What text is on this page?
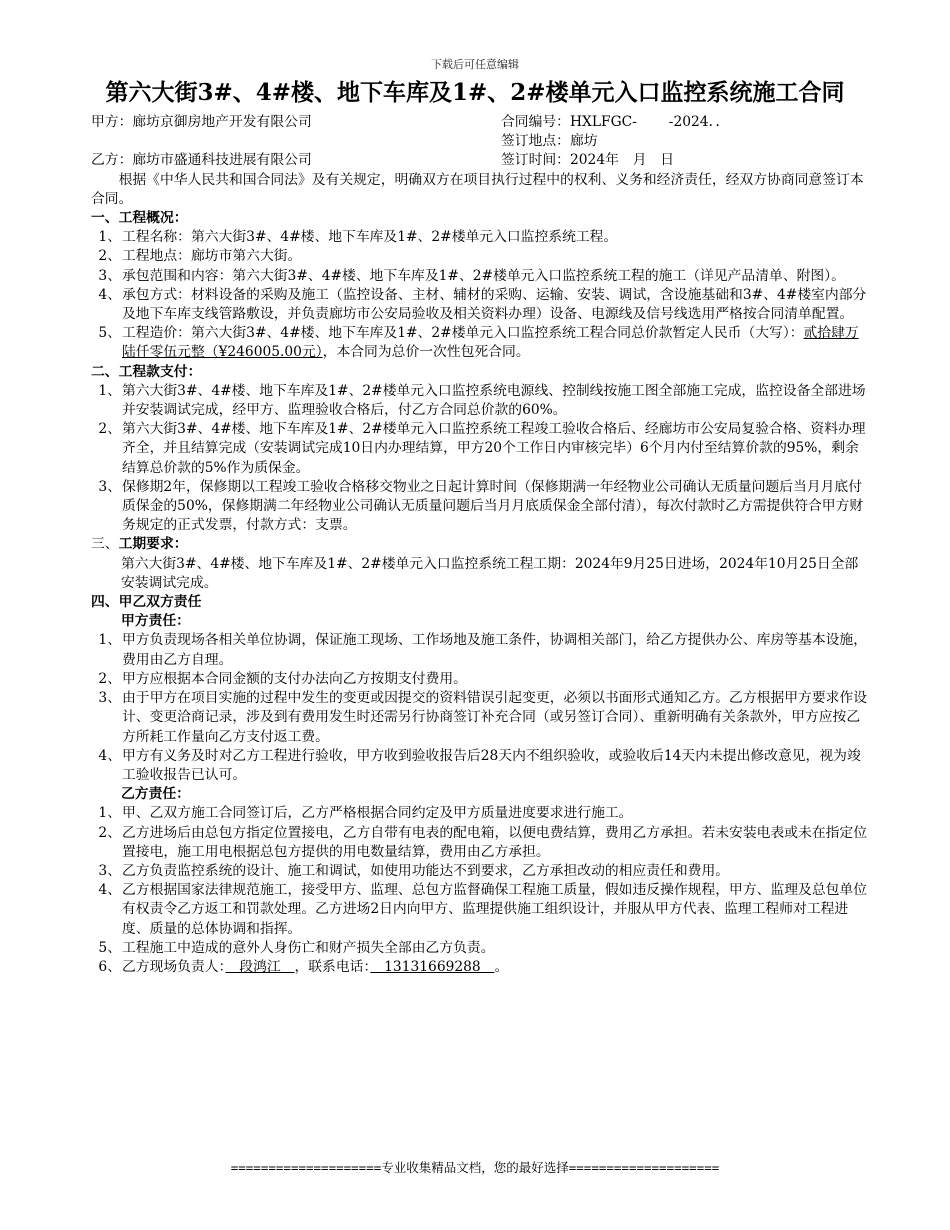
下载后可任意编辑
第六大街3#、4#楼、地下车库及1#、2#楼单元入口监控系统施工合同
甲方：廊坊京御房地产开发有限公司	合同编号：HXLFGC-　　 -2024．．
签订地点：廊坊
乙方：廊坊市盛通科技进展有限公司	签订时间：2024年　月　日
根据《中华人民共和国合同法》及有关规定，明确双方在项目执行过程中的权利、义务和经济责任，经双方协商同意签订本合同。
一、工程概况：
1、 工程名称：第六大街3#、4#楼、地下车库及1#、2#楼单元入口监控系统工程。
2、 工程地点：廊坊市第六大街。
3、 承包范围和内容：第六大街3#、4#楼、地下车库及1#、2#楼单元入口监控系统工程的施工（详见产品清单、附图）。
4、 承包方式：材料设备的采购及施工（监控设备、主材、辅材的采购、运输、安装、调试，含设施基础和3#、4#楼室内部分及地下车库支线管路敷设，并负责廊坊市公安局验收及相关资料办理）设备、电源线及信号线选用严格按合同清单配置。
5、 工程造价：第六大街3#、4#楼、地下车库及1#、2#楼单元入口监控系统工程合同总价款暂定人民币（大写）：贰拾肆万陆仟零伍元整（¥246005.00元），本合同为总价一次性包死合同。
二、工程款支付：
1、 第六大街3#、4#楼、地下车库及1#、2#楼单元入口监控系统电源线、控制线按施工图全部施工完成，监控设备全部进场并安装调试完成，经甲方、监理验收合格后，付乙方合同总价款的60%。
2、 第六大街3#、4#楼、地下车库及1#、2#楼单元入口监控系统工程竣工验收合格后、经廊坊市公安局复验合格、资料办理齐全，并且结算完成（安装调试完成10日内办理结算，甲方20个工作日内审核完毕）6个月内付至结算价款的95%，剩余结算总价款的5%作为质保金。
3、 保修期2年，保修期以工程竣工验收合格移交物业之日起计算时间（保修期满一年经物业公司确认无质量问题后当月月底付质保金的50%，保修期满二年经物业公司确认无质量问题后当月月底质保金全部付清），每次付款时乙方需提供符合甲方财务规定的正式发票，付款方式：支票。
三、工期要求：
第六大街3#、4#楼、地下车库及1#、2#楼单元入口监控系统工程工期：2024年9月25日进场，2024年10月25日全部安装调试完成。
四、甲乙双方责任
甲方责任：
1、 甲方负责现场各相关单位协调，保证施工现场、工作场地及施工条件，协调相关部门，给乙方提供办公、库房等基本设施，费用由乙方自理。
2、 甲方应根据本合同金额的支付办法向乙方按期支付费用。
3、 由于甲方在项目实施的过程中发生的变更或因提交的资料错误引起变更，必须以书面形式通知乙方。乙方根据甲方要求作设计、变更洽商记录，涉及到有费用发生时还需另行协商签订补充合同（或另签订合同）、重新明确有关条款外，甲方应按乙方所耗工作量向乙方支付返工费。
4、 甲方有义务及时对乙方工程进行验收，甲方收到验收报告后28天内不组织验收，或验收后14天内未提出修改意见，视为竣工验收报告已认可。
乙方责任：
1、 甲、乙双方施工合同签订后，乙方严格根据合同约定及甲方质量进度要求进行施工。
2、 乙方进场后由总包方指定位置接电，乙方自带有电表的配电箱，以便电费结算，费用乙方承担。若未安装电表或未在指定位置接电，施工用电根据总包方提供的用电数量结算，费用由乙方承担。
3、 乙方负责监控系统的设计、施工和调试，如使用功能达不到要求，乙方承担改动的相应责任和费用。
4、 乙方根据国家法律规范施工，接受甲方、监理、总包方监督确保工程施工质量，假如违反操作规程，甲方、监理及总包单位有权责令乙方返工和罚款处理。乙方进场2日内向甲方、监理提供施工组织设计，并服从甲方代表、监理工程师对工程进度、质量的总体协调和指挥。
5、 工程施工中造成的意外人身伤亡和财产损失全部由乙方负责。
6、 乙方现场负责人：　段鸿江　，联系电话：　13131669288　。
====================专业收集精品文档，您的最好选择====================
